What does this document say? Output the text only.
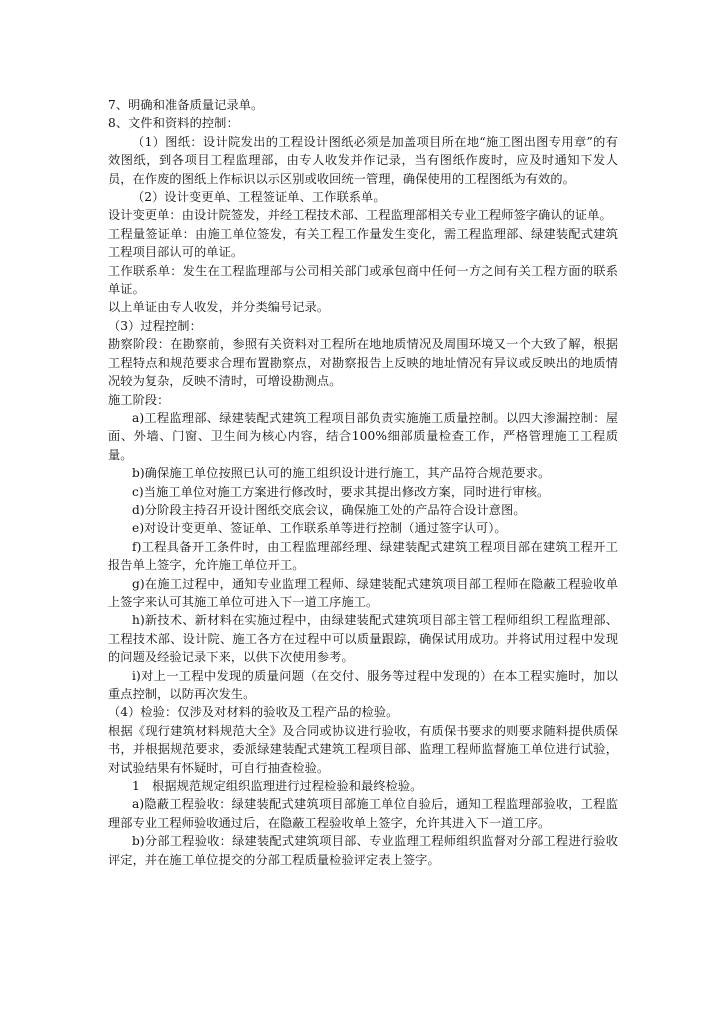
7、明确和准备质量记录单。

8、文件和资料的控制：

（1）图纸：设计院发出的工程设计图纸必须是加盖项目所在地“施工图出图专用章”的有效图纸，到各项目工程监理部，由专人收发并作记录，当有图纸作废时，应及时通知下发人员，在作废的图纸上作标识以示区别或收回统一管理，确保使用的工程图纸为有效的。

（2）设计变更单、工程签证单、工作联系单。

设计变更单：由设计院签发，并经工程技术部、工程监理部相关专业工程师签字确认的证单。

工程量签证单：由施工单位签发，有关工程工作量发生变化，需工程监理部、绿建装配式建筑工程项目部认可的单证。

工作联系单：发生在工程监理部与公司相关部门或承包商中任何一方之间有关工程方面的联系单证。

以上单证由专人收发，并分类编号记录。

（3）过程控制：

勘察阶段：在勘察前，参照有关资料对工程所在地地质情况及周围环境又一个大致了解，根据工程特点和规范要求合理布置勘察点，对勘察报告上反映的地址情况有异议或反映出的地质情况较为复杂，反映不清时，可增设勘测点。

施工阶段：

a)工程监理部、绿建装配式建筑工程项目部负责实施施工质量控制。以四大渗漏控制：屋面、外墙、门窗、卫生间为核心内容，结合100%细部质量检查工作，严格管理施工工程质量。

b)确保施工单位按照已认可的施工组织设计进行施工，其产品符合规范要求。

c)当施工单位对施工方案进行修改时，要求其提出修改方案，同时进行审核。

d)分阶段主持召开设计图纸交底会议，确保施工处的产品符合设计意图。

e)对设计变更单、签证单、工作联系单等进行控制（通过签字认可）。

f)工程具备开工条件时，由工程监理部经理、绿建装配式建筑工程项目部在建筑工程开工报告单上签字，允许施工单位开工。

g)在施工过程中，通知专业监理工程师、绿建装配式建筑项目部工程师在隐蔽工程验收单上签字来认可其施工单位可进入下一道工序施工。

h)新技术、新材料在实施过程中，由绿建装配式建筑项目部主管工程师组织工程监理部、工程技术部、设计院、施工各方在过程中可以质量跟踪，确保试用成功。并将试用过程中发现的问题及经验记录下来，以供下次使用参考。

i)对上一工程中发现的质量问题（在交付、服务等过程中发现的）在本工程实施时，加以重点控制，以防再次发生。

（4）检验：仅涉及对材料的验收及工程产品的检验。

根据《现行建筑材料规范大全》及合同或协议进行验收，有质保书要求的则要求随料提供质保书，并根据规范要求，委派绿建装配式建筑工程项目部、监理工程师监督施工单位进行试验，对试验结果有怀疑时，可自行抽查检验。

1　根据规范规定组织监理进行过程检验和最终检验。

a)隐蔽工程验收：绿建装配式建筑项目部施工单位自验后，通知工程监理部验收，工程监理部专业工程师验收通过后，在隐蔽工程验收单上签字，允许其进入下一道工序。

b)分部工程验收：绿建装配式建筑项目部、专业监理工程师组织监督对分部工程进行验收评定，并在施工单位提交的分部工程质量检验评定表上签字。
